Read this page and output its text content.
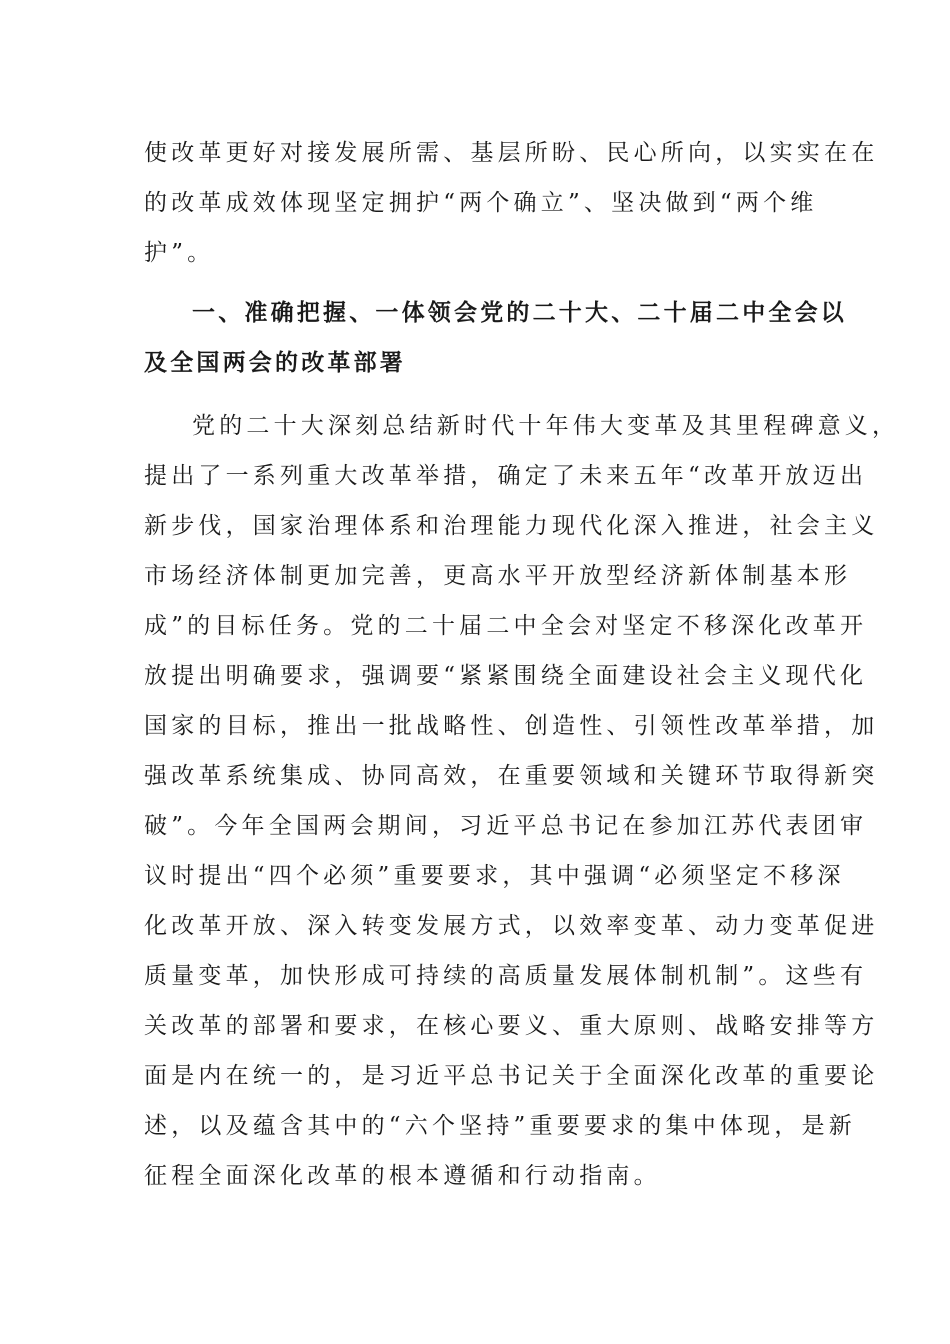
使改革更好对接发展所需、基层所盼、民心所向，以实实在在
的改革成效体现坚定拥护“两个确立”、坚决做到“两个维
护”。
一、准确把握、一体领会党的二十大、二十届二中全会以
及全国两会的改革部署
党的二十大深刻总结新时代十年伟大变革及其里程碑意义，
提出了一系列重大改革举措，确定了未来五年“改革开放迈出
新步伐，国家治理体系和治理能力现代化深入推进，社会主义
市场经济体制更加完善，更高水平开放型经济新体制基本形
成”的目标任务。党的二十届二中全会对坚定不移深化改革开
放提出明确要求，强调要“紧紧围绕全面建设社会主义现代化
国家的目标，推出一批战略性、创造性、引领性改革举措，加
强改革系统集成、协同高效，在重要领域和关键环节取得新突
破”。今年全国两会期间，习近平总书记在参加江苏代表团审
议时提出“四个必须”重要要求，其中强调“必须坚定不移深
化改革开放、深入转变发展方式，以效率变革、动力变革促进
质量变革，加快形成可持续的高质量发展体制机制”。这些有
关改革的部署和要求，在核心要义、重大原则、战略安排等方
面是内在统一的，是习近平总书记关于全面深化改革的重要论
述，以及蕴含其中的“六个坚持”重要要求的集中体现，是新
征程全面深化改革的根本遵循和行动指南。
